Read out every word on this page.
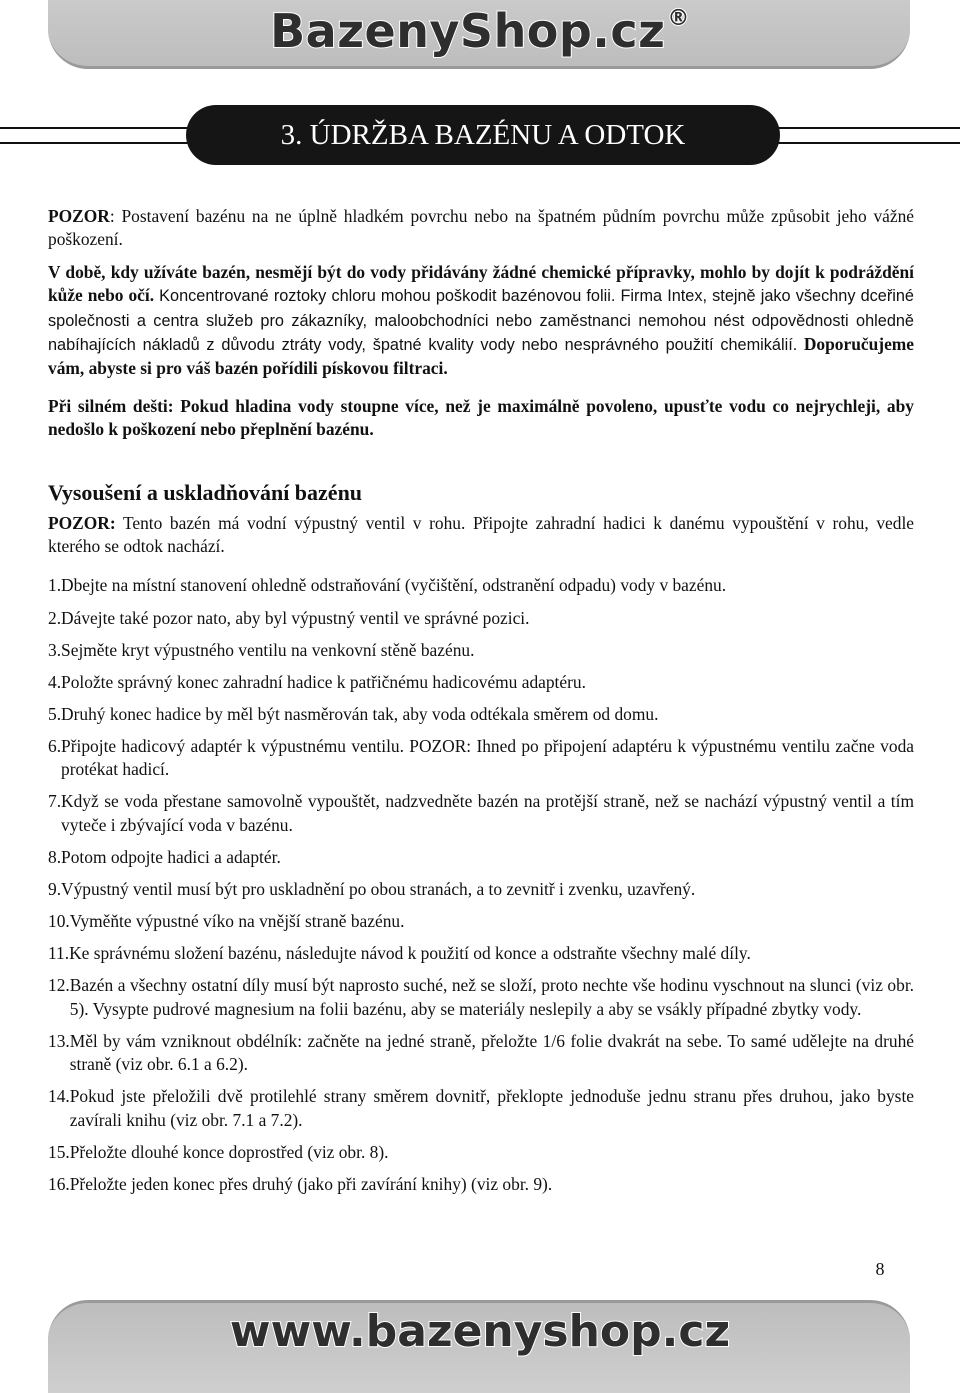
BazenyShop.cz®
3. ÚDRŽBA BAZÉNU A ODTOK

POZOR: Postavení bazénu na ne úplně hladkém povrchu nebo na špatném půdním povrchu může způsobit jeho vážné poškození.

V době, kdy užíváte bazén, nesmějí být do vody přidávány žádné chemické přípravky, mohlo by dojít k podráždění kůže nebo očí. Koncentrované roztoky chloru mohou poškodit bazénovou folii. Firma Intex, stejně jako všechny dceřiné společnosti a centra služeb pro zákazníky, maloobchodníci nebo zaměstnanci nemohou nést odpovědnosti ohledně nabíhajících nákladů z důvodu ztráty vody, špatné kvality vody nebo nesprávného použití chemikálií. Doporučujeme vám, abyste si pro váš bazén pořídili pískovou filtraci.

Při silném dešti: Pokud hladina vody stoupne více, než je maximálně povoleno, upusťte vodu co nejrychleji, aby nedošlo k poškození nebo přeplnění bazénu.

Vysoušení a uskladňování bazénu

POZOR: Tento bazén má vodní výpustný ventil v rohu. Připojte zahradní hadici k danému vypouštění v rohu, vedle kterého se odtok nachází.

1. Dbejte na místní stanovení ohledně odstraňování (vyčištění, odstranění odpadu) vody v bazénu.
2. Dávejte také pozor nato, aby byl výpustný ventil ve správné pozici.
3. Sejměte kryt výpustného ventilu na venkovní stěně bazénu.
4. Položte správný konec zahradní hadice k patřičnému hadicovému adaptéru.
5. Druhý konec hadice by měl být nasměrován tak, aby voda odtékala směrem od domu.
6. Připojte hadicový adaptér k výpustnému ventilu. POZOR: Ihned po připojení adaptéru k výpustnému ventilu začne voda protékat hadicí.
7. Když se voda přestane samovolně vypouštět, nadzvedněte bazén na protější straně, než se nachází výpustný ventil a tím vyteče i zbývající voda v bazénu.
8. Potom odpojte hadici a adaptér.
9. Výpustný ventil musí být pro uskladnění po obou stranách, a to zevnitř i zvenku, uzavřený.
10. Vyměňte výpustné víko na vnější straně bazénu.
11. Ke správnému složení bazénu, následujte návod k použití od konce a odstraňte všechny malé díly.
12. Bazén a všechny ostatní díly musí být naprosto suché, než se složí, proto nechte vše hodinu vyschnout na slunci (viz obr. 5). Vysypte pudrové magnesium na folii bazénu, aby se materiály neslepily a aby se vsákly případné zbytky vody.
13. Měl by vám vzniknout obdélník: začněte na jedné straně, přeložte 1/6 folie dvakrát na sebe. To samé udělejte na druhé straně (viz obr. 6.1 a 6.2).
14. Pokud jste přeložili dvě protilehlé strany směrem dovnitř, překlopte jednoduše jednu stranu přes druhou, jako byste zavírali knihu (viz obr. 7.1 a 7.2).
15. Přeložte dlouhé konce doprostřed (viz obr. 8).
16. Přeložte jeden konec přes druhý (jako při zavírání knihy) (viz obr. 9).
8
www.bazenyshop.cz
